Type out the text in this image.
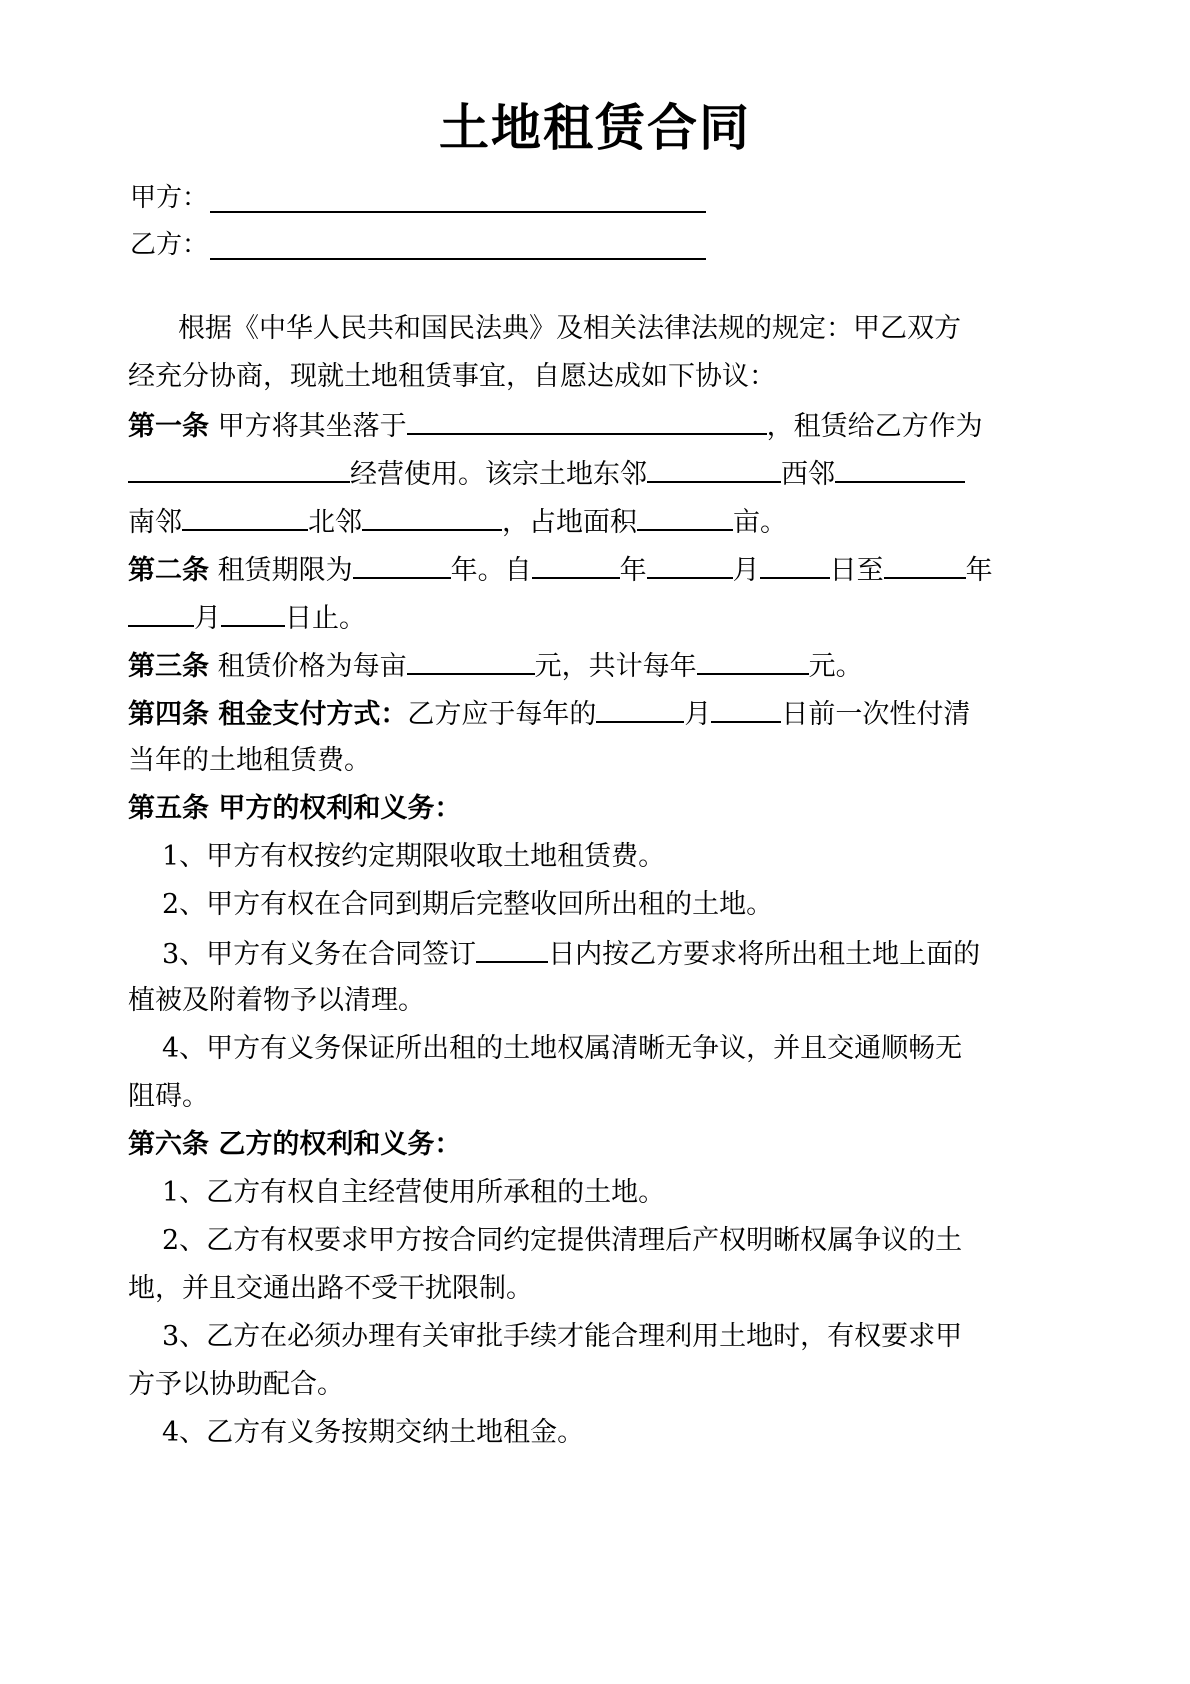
土地租赁合同
甲方：
乙方：
根据《中华人民共和国民法典》及相关法律法规的规定：甲乙双方
经充分协商，现就土地租赁事宜，自愿达成如下协议：
第一条 甲方将其坐落于	，租赁给乙方作为
经营使用。该宗土地东邻	西邻
南邻	北邻	，占地面积	亩。
第二条 租赁期限为	年。自	年	月	日至	年
月 日止。
第三条 租赁价格为每亩	元，共计每年	元。
第四条 租金支付方式：乙方应于每年的	月	日前一次性付清
当年的土地租赁费。
第五条 甲方的权利和义务：
1、甲方有权按约定期限收取土地租赁费。
2、甲方有权在合同到期后完整收回所出租的土地。
3、甲方有义务在合同签订	日内按乙方要求将所出租土地上面的
植被及附着物予以清理。
4、甲方有义务保证所出租的土地权属清晰无争议，并且交通顺畅无
阻碍。
第六条 乙方的权利和义务：
1、乙方有权自主经营使用所承租的土地。
2、乙方有权要求甲方按合同约定提供清理后产权明晰权属争议的土
地，并且交通出路不受干扰限制。
3、乙方在必须办理有关审批手续才能合理利用土地时，有权要求甲
方予以协助配合。
4、乙方有义务按期交纳土地租金。
